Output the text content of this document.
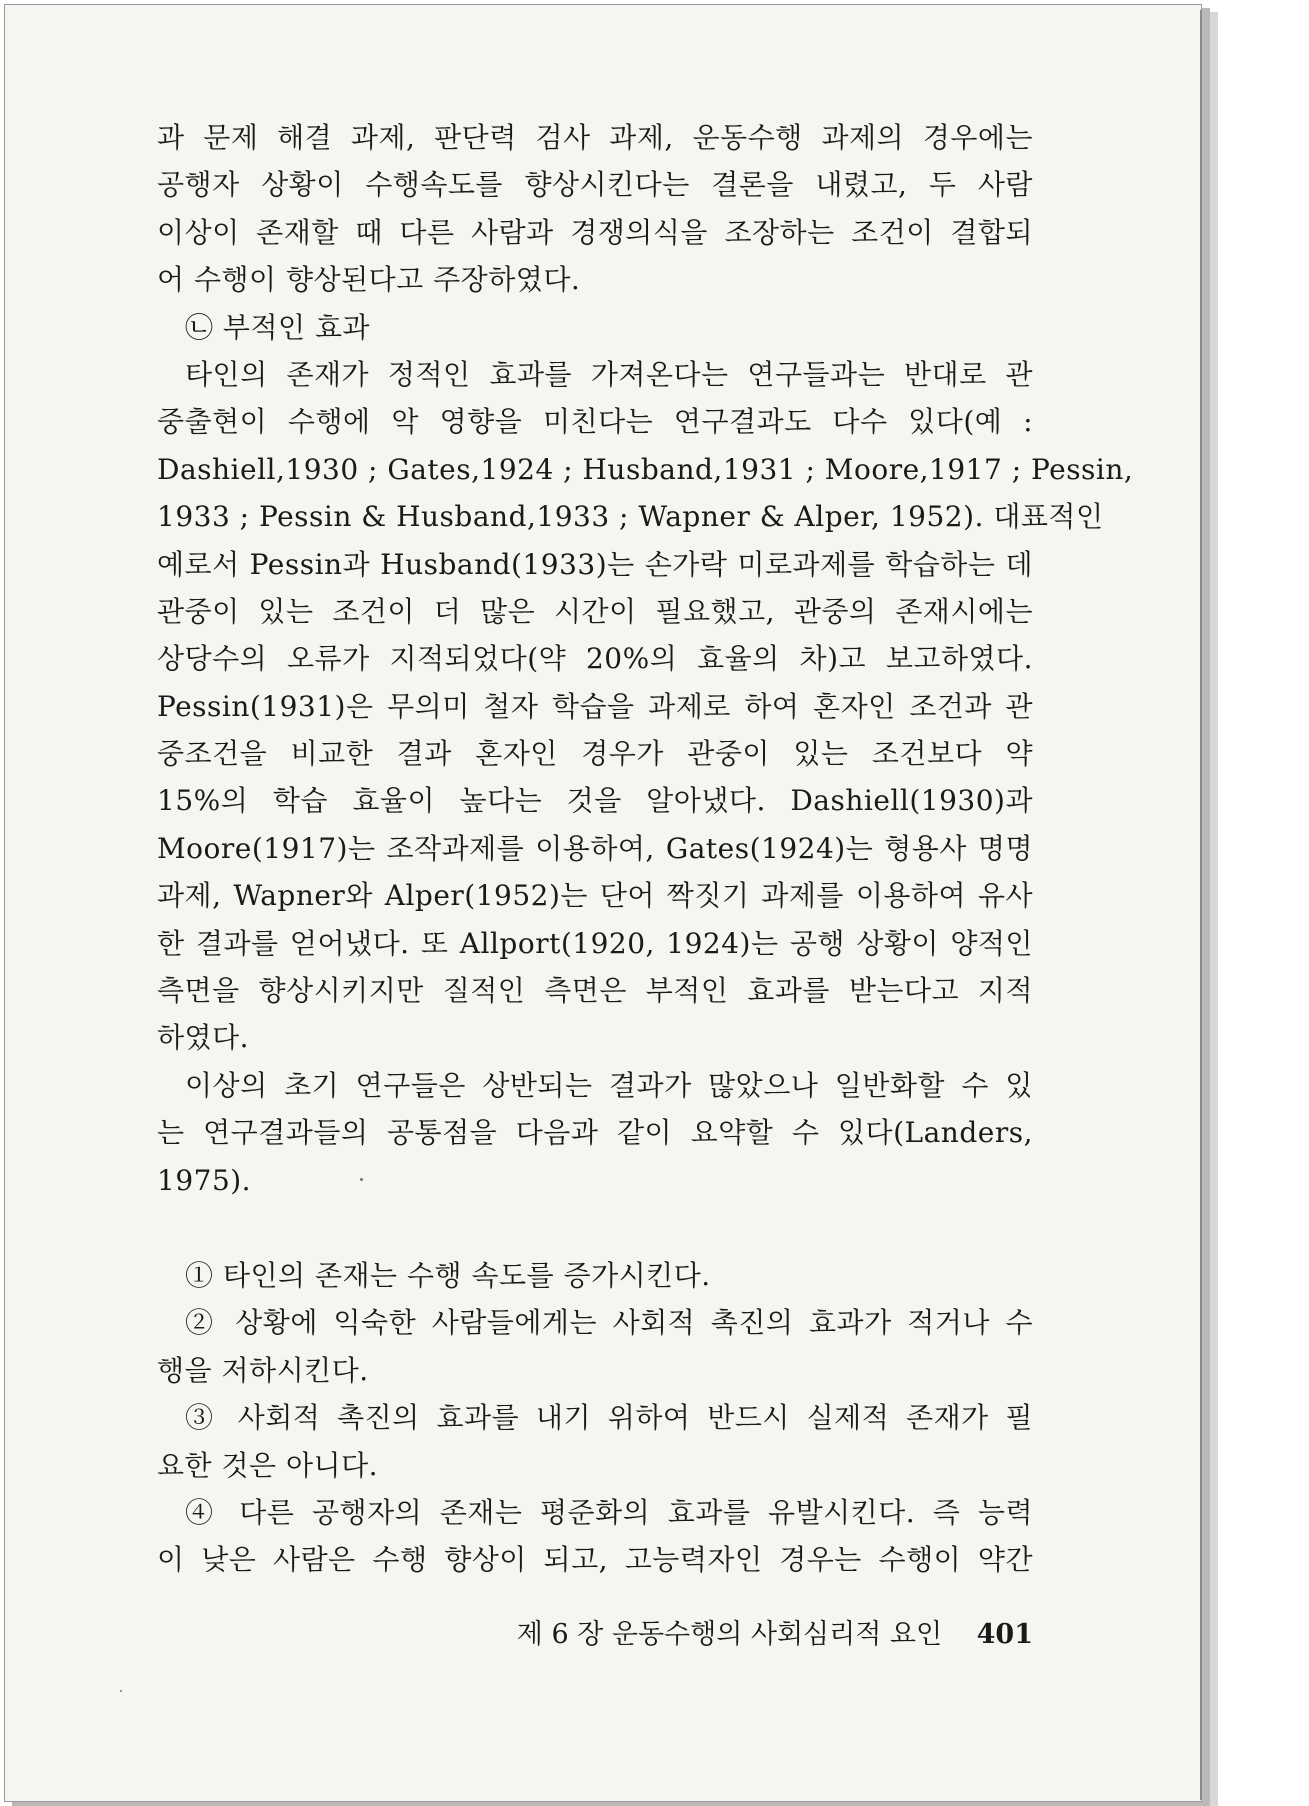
과 문제 해결 과제, 판단력 검사 과제, 운동수행 과제의 경우에는
공행자 상황이 수행속도를 향상시킨다는 결론을 내렸고, 두 사람
이상이 존재할 때 다른 사람과 경쟁의식을 조장하는 조건이 결합되
어 수행이 향상된다고 주장하였다.
㉡ 부적인 효과
타인의 존재가 정적인 효과를 가져온다는 연구들과는 반대로 관
중출현이 수행에 악 영향을 미친다는 연구결과도 다수 있다(예 :
Dashiell,1930 ; Gates,1924 ; Husband,1931 ; Moore,1917 ; Pessin,
1933 ; Pessin & Husband,1933 ; Wapner & Alper, 1952). 대표적인
예로서 Pessin과 Husband(1933)는 손가락 미로과제를 학습하는 데
관중이 있는 조건이 더 많은 시간이 필요했고, 관중의 존재시에는
상당수의 오류가 지적되었다(약 20%의 효율의 차)고 보고하였다.
Pessin(1931)은 무의미 철자 학습을 과제로 하여 혼자인 조건과 관
중조건을 비교한 결과 혼자인 경우가 관중이 있는 조건보다 약
15%의 학습 효율이 높다는 것을 알아냈다. Dashiell(1930)과
Moore(1917)는 조작과제를 이용하여, Gates(1924)는 형용사 명명
과제, Wapner와 Alper(1952)는 단어 짝짓기 과제를 이용하여 유사
한 결과를 얻어냈다. 또 Allport(1920, 1924)는 공행 상황이 양적인
측면을 향상시키지만 질적인 측면은 부적인 효과를 받는다고 지적
하였다.
이상의 초기 연구들은 상반되는 결과가 많았으나 일반화할 수 있
는 연구결과들의 공통점을 다음과 같이 요약할 수 있다(Landers,
1975).
① 타인의 존재는 수행 속도를 증가시킨다.
② 상황에 익숙한 사람들에게는 사회적 촉진의 효과가 적거나 수
행을 저하시킨다.
③ 사회적 촉진의 효과를 내기 위하여 반드시 실제적 존재가 필
요한 것은 아니다.
④ 다른 공행자의 존재는 평준화의 효과를 유발시킨다. 즉 능력
이 낮은 사람은 수행 향상이 되고, 고능력자인 경우는 수행이 약간
제 6 장 운동수행의 사회심리적 요인 401
